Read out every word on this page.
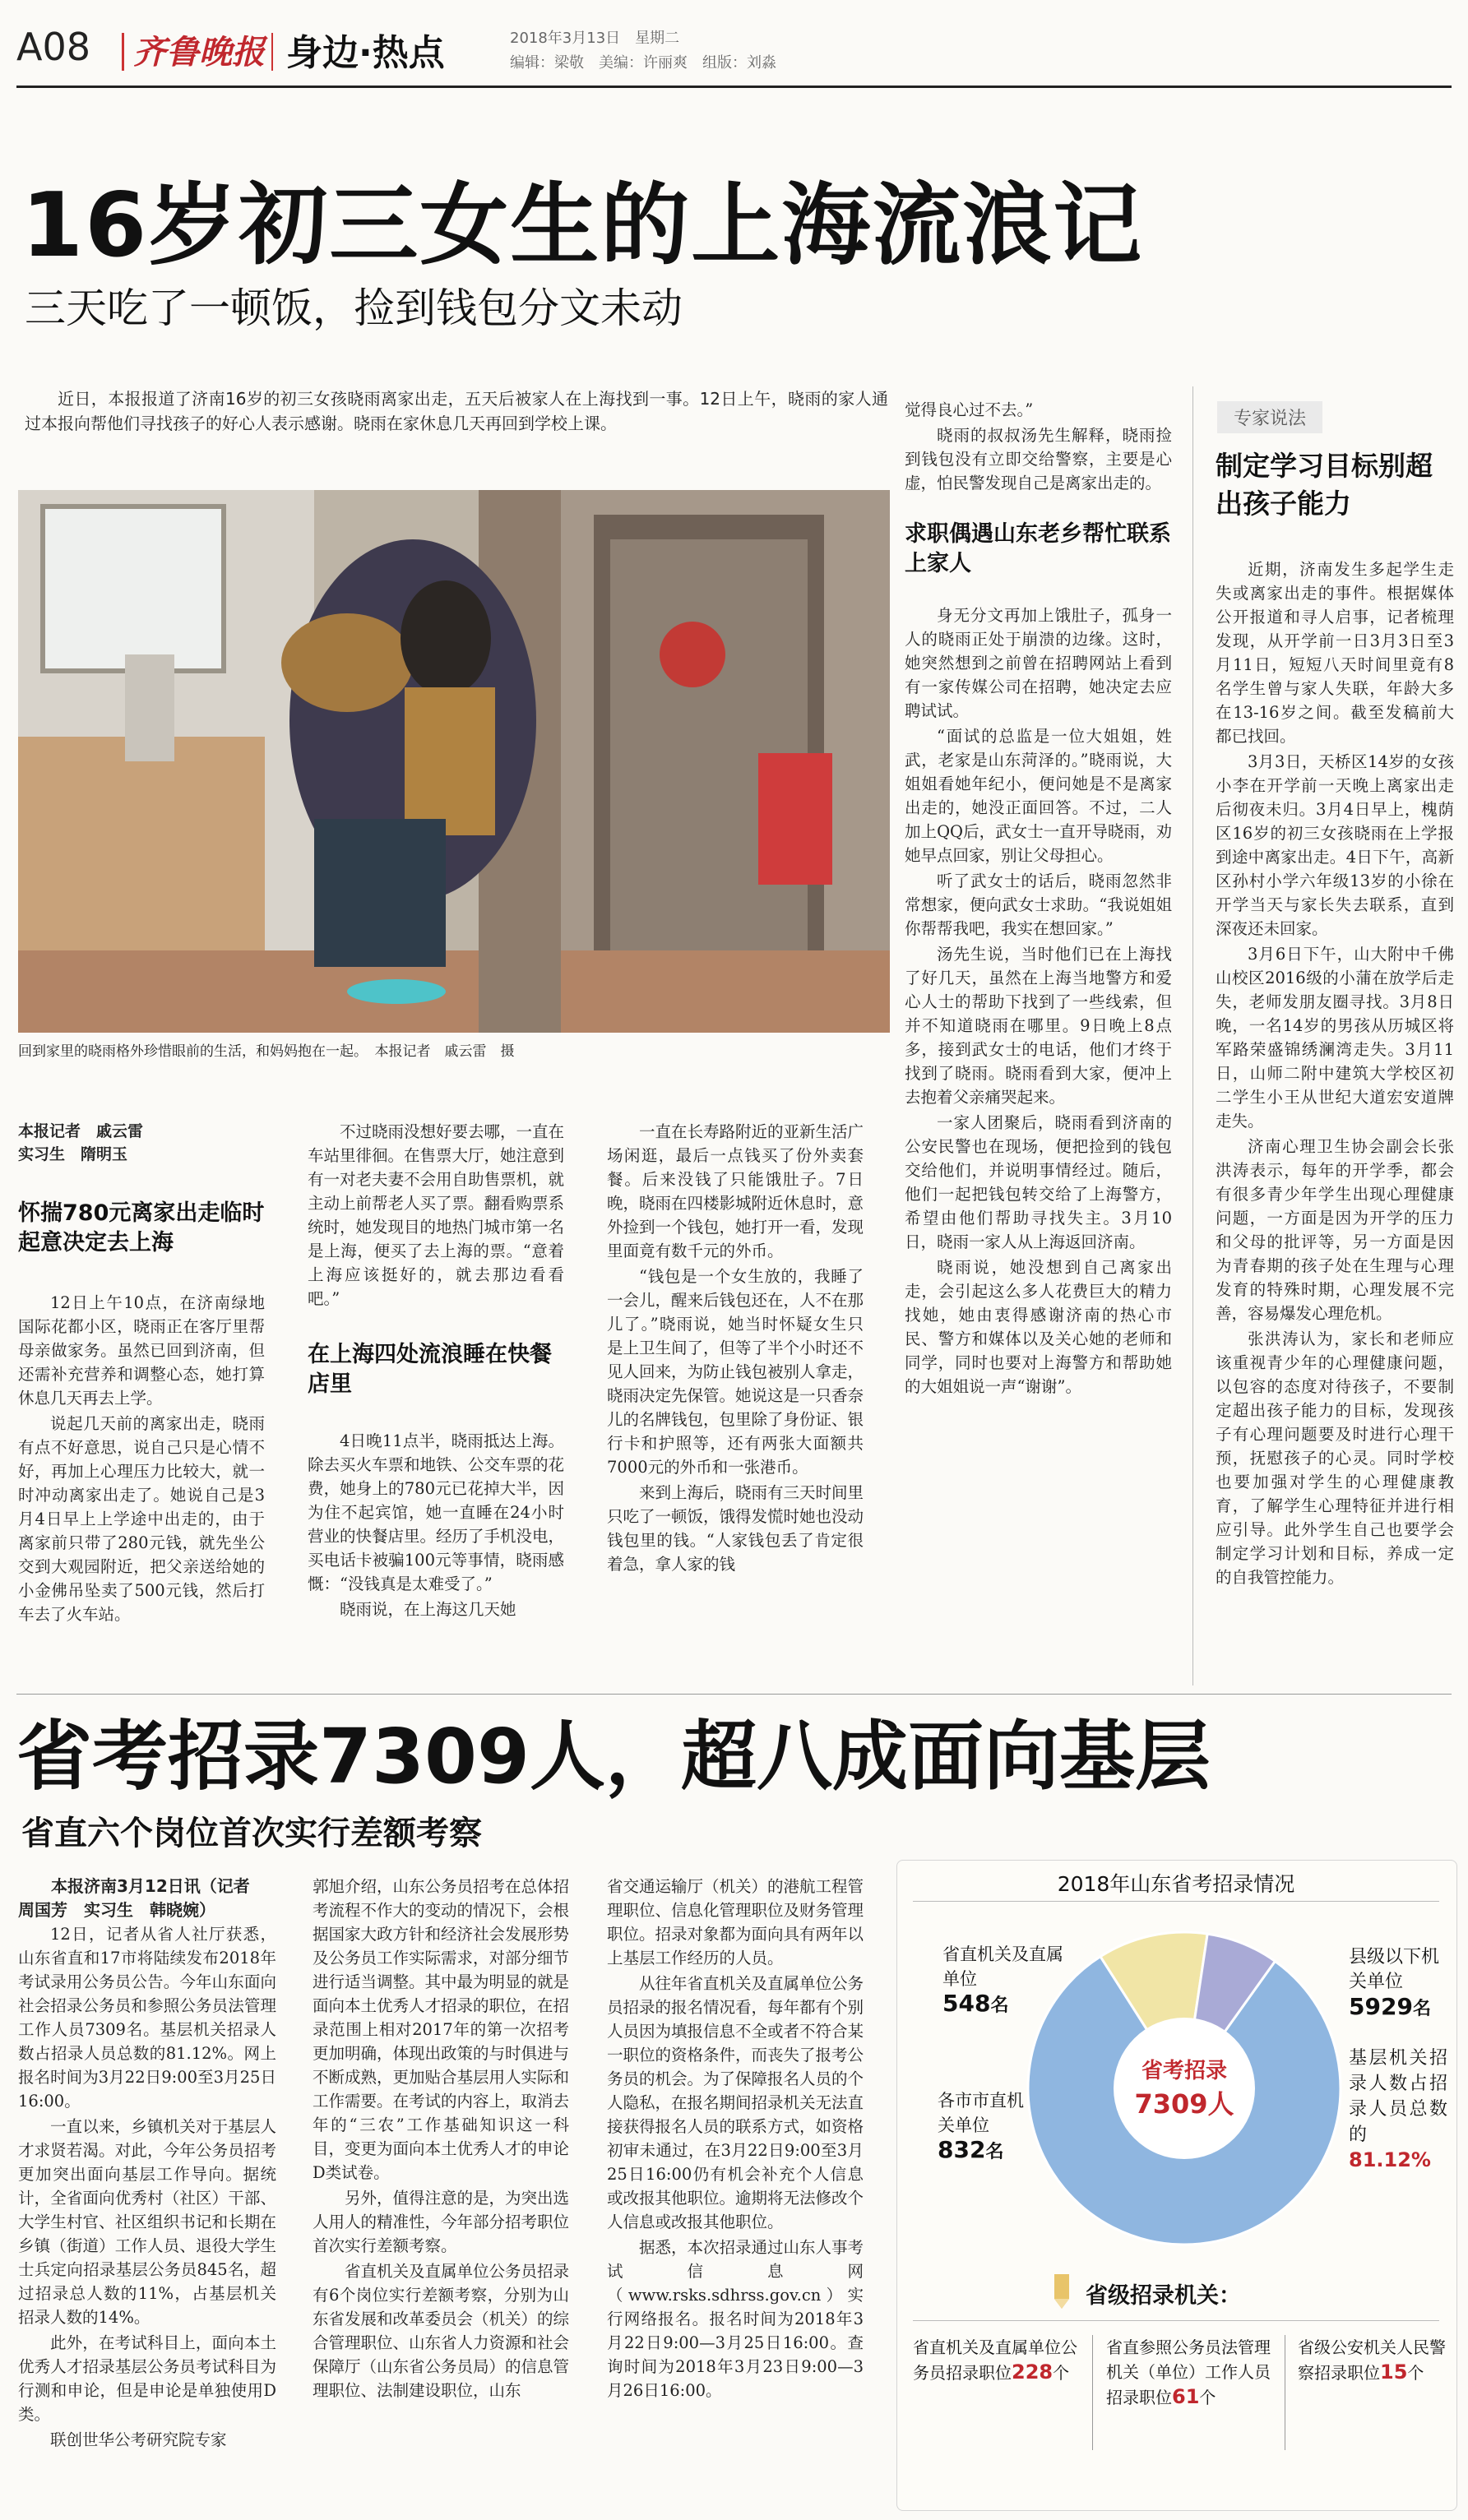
A08 齐鲁晚报 身边·热点	2018年3月13日　 星期二
编辑：梁敬　美编：许丽爽　组版：刘淼
16岁初三女生的上海流浪记
三天吃了一顿饭，捡到钱包分文未动

近日，本报报道了济南16岁的初三女孩晓雨离家出走，五天后被家人在上海找到一事。12日上午，晓雨的家人通过本报向帮他们寻找孩子的好心人表示感谢。晓雨在家休息几天再回到学校上课。

回到家里的晓雨格外珍惜眼前的生活，和妈妈抱在一起。　本报记者　戚云雷　摄
本报记者　戚云雷
实习生　隋明玉
怀揣780元离家出走临时起意决定去上海

12日上午10点，在济南绿地国际花都小区，晓雨正在客厅里帮母亲做家务。虽然已回到济南，但还需补充营养和调整心态，她打算休息几天再去上学。

说起几天前的离家出走，晓雨有点不好意思，说自己只是心情不好，再加上心理压力比较大，就一时冲动离家出走了。她说自己是3月4日早上上学途中出走的，由于离家前只带了280元钱，就先坐公交到大观园附近，把父亲送给她的小金佛吊坠卖了500元钱，然后打车去了火车站。

不过晓雨没想好要去哪，一直在车站里徘徊。在售票大厅，她注意到有一对老夫妻不会用自助售票机，就主动上前帮老人买了票。翻看购票系统时，她发现目的地热门城市第一名是上海，便买了去上海的票。“意着上海应该挺好的，就去那边看看吧。”

在上海四处流浪睡在快餐店里

4日晚11点半，晓雨抵达上海。除去买火车票和地铁、公交车票的花费，她身上的780元已花掉大半，因为住不起宾馆，她一直睡在24小时营业的快餐店里。经历了手机没电，买电话卡被骗100元等事情，晓雨感慨：“没钱真是太难受了。”

晓雨说，在上海这几天她

一直在长寿路附近的亚新生活广场闲逛，最后一点钱买了份外卖套餐。后来没钱了只能饿肚子。7日晚，晓雨在四楼影城附近休息时，意外捡到一个钱包，她打开一看，发现里面竟有数千元的外币。

“钱包是一个女生放的，我睡了一会儿，醒来后钱包还在，人不在那儿了。”晓雨说，她当时怀疑女生只是上卫生间了，但等了半个小时还不见人回来，为防止钱包被别人拿走，晓雨决定先保管。她说这是一只香奈儿的名牌钱包，包里除了身份证、银行卡和护照等，还有两张大面额共7000元的外币和一张港币。

来到上海后，晓雨有三天时间里只吃了一顿饭，饿得发慌时她也没动钱包里的钱。“人家钱包丢了肯定很着急，拿人家的钱

觉得良心过不去。”

晓雨的叔叔汤先生解释，晓雨捡到钱包没有立即交给警察，主要是心虚，怕民警发现自己是离家出走的。

求职偶遇山东老乡帮忙联系上家人

身无分文再加上饿肚子，孤身一人的晓雨正处于崩溃的边缘。这时，她突然想到之前曾在招聘网站上看到有一家传媒公司在招聘，她决定去应聘试试。

“面试的总监是一位大姐姐，姓武，老家是山东菏泽的。”晓雨说，大姐姐看她年纪小，便问她是不是离家出走的，她没正面回答。不过，二人加上QQ后，武女士一直开导晓雨，劝她早点回家，别让父母担心。

听了武女士的话后，晓雨忽然非常想家，便向武女士求助。“我说姐姐你帮帮我吧，我实在想回家。”

汤先生说，当时他们已在上海找了好几天，虽然在上海当地警方和爱心人士的帮助下找到了一些线索，但并不知道晓雨在哪里。9日晚上8点多，接到武女士的电话，他们才终于找到了晓雨。晓雨看到大家，便冲上去抱着父亲痛哭起来。

一家人团聚后，晓雨看到济南的公安民警也在现场，便把捡到的钱包交给他们，并说明事情经过。随后，他们一起把钱包转交给了上海警方，希望由他们帮助寻找失主。3月10日，晓雨一家人从上海返回济南。

晓雨说，她没想到自己离家出走，会引起这么多人花费巨大的精力找她，她由衷得感谢济南的热心市民、警方和媒体以及关心她的老师和同学，同时也要对上海警方和帮助她的大姐姐说一声“谢谢”。

专家说法
制定学习目标别超出孩子能力

近期，济南发生多起学生走失或离家出走的事件。根据媒体公开报道和寻人启事，记者梳理发现，从开学前一日3月3日至3月11日，短短八天时间里竟有8名学生曾与家人失联，年龄大多在13-16岁之间。截至发稿前大都已找回。

3月3日，天桥区14岁的女孩小李在开学前一天晚上离家出走后彻夜未归。3月4日早上，槐荫区16岁的初三女孩晓雨在上学报到途中离家出走。4日下午，高新区孙村小学六年级13岁的小徐在开学当天与家长失去联系，直到深夜还未回家。

3月6日下午，山大附中千佛山校区2016级的小蒲在放学后走失，老师发朋友圈寻找。3月8日晚，一名14岁的男孩从历城区将军路荣盛锦绣澜湾走失。3月11日，山师二附中建筑大学校区初二学生小王从世纪大道宏安道牌走失。

济南心理卫生协会副会长张洪涛表示，每年的开学季，都会有很多青少年学生出现心理健康问题，一方面是因为开学的压力和父母的批评等，另一方面是因为青春期的孩子处在生理与心理发育的特殊时期，心理发展不完善，容易爆发心理危机。

张洪涛认为，家长和老师应该重视青少年的心理健康问题，以包容的态度对待孩子，不要制定超出孩子能力的目标，发现孩子有心理问题要及时进行心理干预，抚慰孩子的心灵。同时学校也要加强对学生的心理健康教育，了解学生心理特征并进行相应引导。此外学生自己也要学会制定学习计划和目标，养成一定的自我管控能力。

省考招录7309人，超八成面向基层
省直六个岗位首次实行差额考察
本报济南3月12日讯（记者　周国芳　实习生　韩晓婉）

12日，记者从省人社厅获悉，山东省直和17市将陆续发布2018年考试录用公务员公告。今年山东面向社会招录公务员和参照公务员法管理工作人员7309名。基层机关招录人数占招录人员总数的81.12%。网上报名时间为3月22日9:00至3月25日16:00。

一直以来，乡镇机关对于基层人才求贤若渴。对此，今年公务员招考更加突出面向基层工作导向。据统计，全省面向优秀村（社区）干部、大学生村官、社区组织书记和长期在乡镇（街道）工作人员、退役大学生士兵定向招录基层公务员845名，超过招录总人数的11%，占基层机关招录人数的14%。

此外，在考试科目上，面向本土优秀人才招录基层公务员考试科目为行测和申论，但是申论是单独使用D类。

联创世华公考研究院专家

郭旭介绍，山东公务员招考在总体招考流程不作大的变动的情况下，会根据国家大政方针和经济社会发展形势及公务员工作实际需求，对部分细节进行适当调整。其中最为明显的就是面向本土优秀人才招录的职位，在招录范围上相对2017年的第一次招考更加明确，体现出政策的与时俱进与不断成熟，更加贴合基层用人实际和工作需要。在考试的内容上，取消去年的“三农”工作基础知识这一科目，变更为面向本土优秀人才的申论D类试卷。

另外，值得注意的是，为突出选人用人的精准性，今年部分招考职位首次实行差额考察。

省直机关及直属单位公务员招录有6个岗位实行差额考察，分别为山东省发展和改革委员会（机关）的综合管理职位、山东省人力资源和社会保障厅（山东省公务员局）的信息管理职位、法制建设职位，山东

省交通运输厅（机关）的港航工程管理职位、信息化管理职位及财务管理职位。招录对象都为面向具有两年以上基层工作经历的人员。

从往年省直机关及直属单位公务员招录的报名情况看，每年都有个别人员因为填报信息不全或者不符合某一职位的资格条件，而丧失了报考公务员的机会。为了保障报名人员的个人隐私，在报名期间招录机关无法直接获得报名人员的联系方式，如资格初审未通过，在3月22日9:00至3月25日16:00仍有机会补充个人信息或改报其他职位。逾期将无法修改个人信息或改报其他职位。

据悉，本次招录通过山东人事考试信息网（www.rsks.sdhrss.gov.cn）实行网络报名。报名时间为2018年3月22日9:00—3月25日16:00。查询时间为2018年3月23日9:00—3月26日16:00。

2018年山东省考招录情况
省考招录
7309人
省直机关及直属单位
548名
各市市直机关单位
832名
县级以下机关单位
5929名
基层机关招录人数占招录人员总数的81.12%
省级招录机关：
省直机关及直属单位公务员招录职位228个
省直参照公务员法管理机关（单位）工作人员招录职位61个
省级公安机关人民警察招录职位15个
